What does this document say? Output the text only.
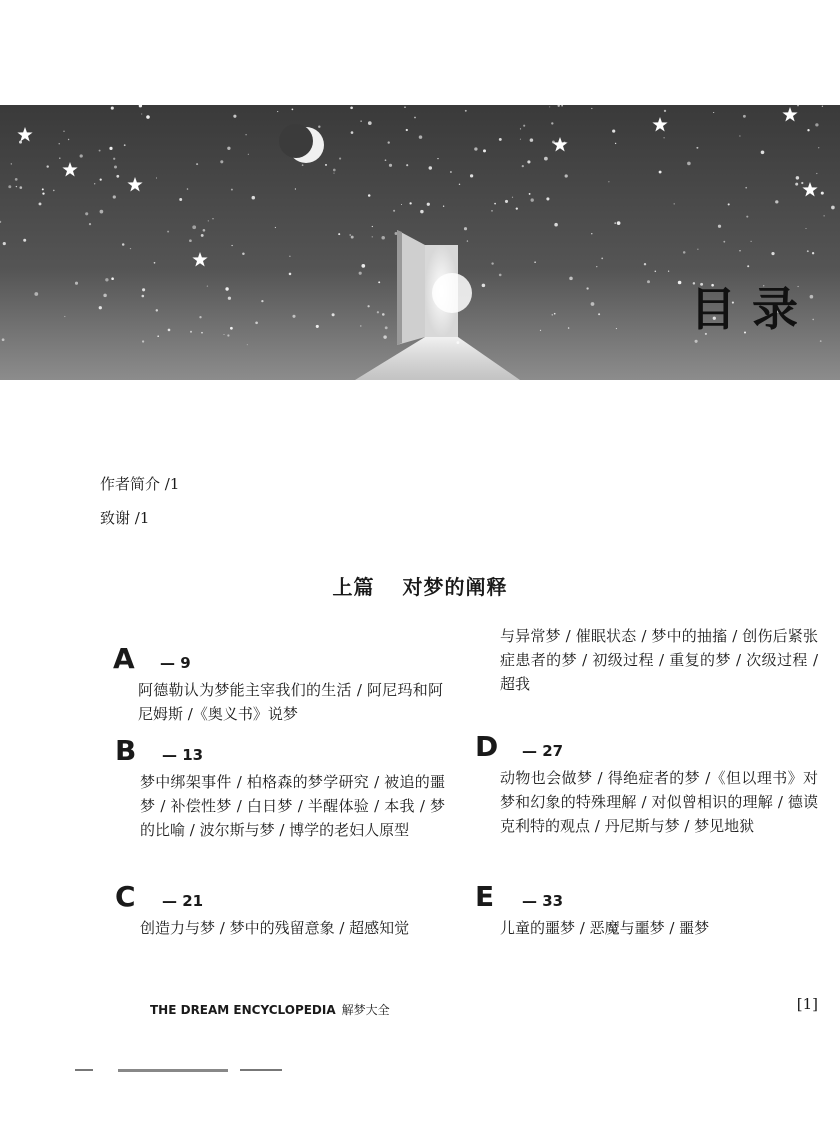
目 录
作者简介 /1
致谢 /1
上篇 对梦的阐释
A — 9
阿德勒认为梦能主宰我们的生活 / 阿尼玛和阿尼姆斯 /《奥义书》说梦
B — 13
梦中绑架事件 / 柏格森的梦学研究 / 被追的噩梦 / 补偿性梦 / 白日梦 / 半醒体验 / 本我 / 梦的比喻 / 波尔斯与梦 / 博学的老妇人原型
C — 21
创造力与梦 / 梦中的残留意象 / 超感知觉
与异常梦 / 催眠状态 / 梦中的抽搐 / 创伤后紧张症患者的梦 / 初级过程 / 重复的梦 / 次级过程 / 超我
D — 27
动物也会做梦 / 得绝症者的梦 /《但以理书》对梦和幻象的特殊理解 / 对似曾相识的理解 / 德谟克利特的观点 / 丹尼斯与梦 / 梦见地狱
E — 33
儿童的噩梦 / 恶魔与噩梦 / 噩梦
THE DREAM ENCYCLOPEDIA 解梦大全	[1]
